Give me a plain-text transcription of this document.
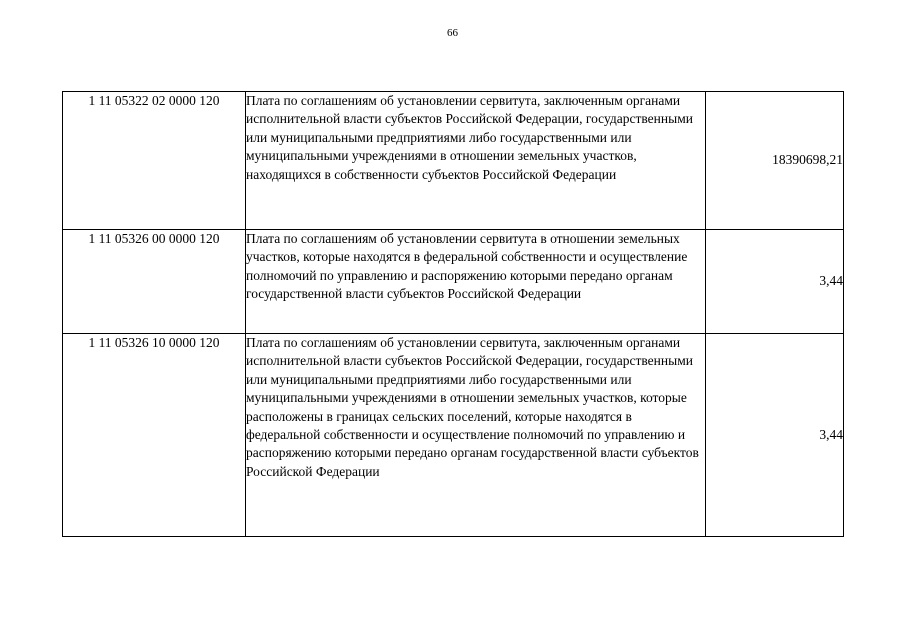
66
1 11 05322 02 0000 120	Плата по соглашениям об установлении сервитута, заключенным органами исполнительной власти субъектов Российской Федерации, государственными или муниципальными предприятиями либо государственными или муниципальными учреждениями в отношении земельных участков, находящихся в собственности субъектов Российской Федерации	18390698,21
1 11 05326 00 0000 120	Плата по соглашениям об установлении сервитута в отношении земельных участков, которые находятся в федеральной собственности и осуществление полномочий по управлению и распоряжению которыми передано органам государственной власти субъектов Российской Федерации	3,44
1 11 05326 10 0000 120	Плата по соглашениям об установлении сервитута, заключенным органами исполнительной власти субъектов Российской Федерации, государственными или муниципальными предприятиями либо государственными или муниципальными учреждениями в отношении земельных участков, которые расположены в границах сельских поселений, которые находятся в федеральной собственности и осуществление полномочий по управлению и распоряжению которыми передано органам государственной власти субъектов Российской Федерации	3,44
